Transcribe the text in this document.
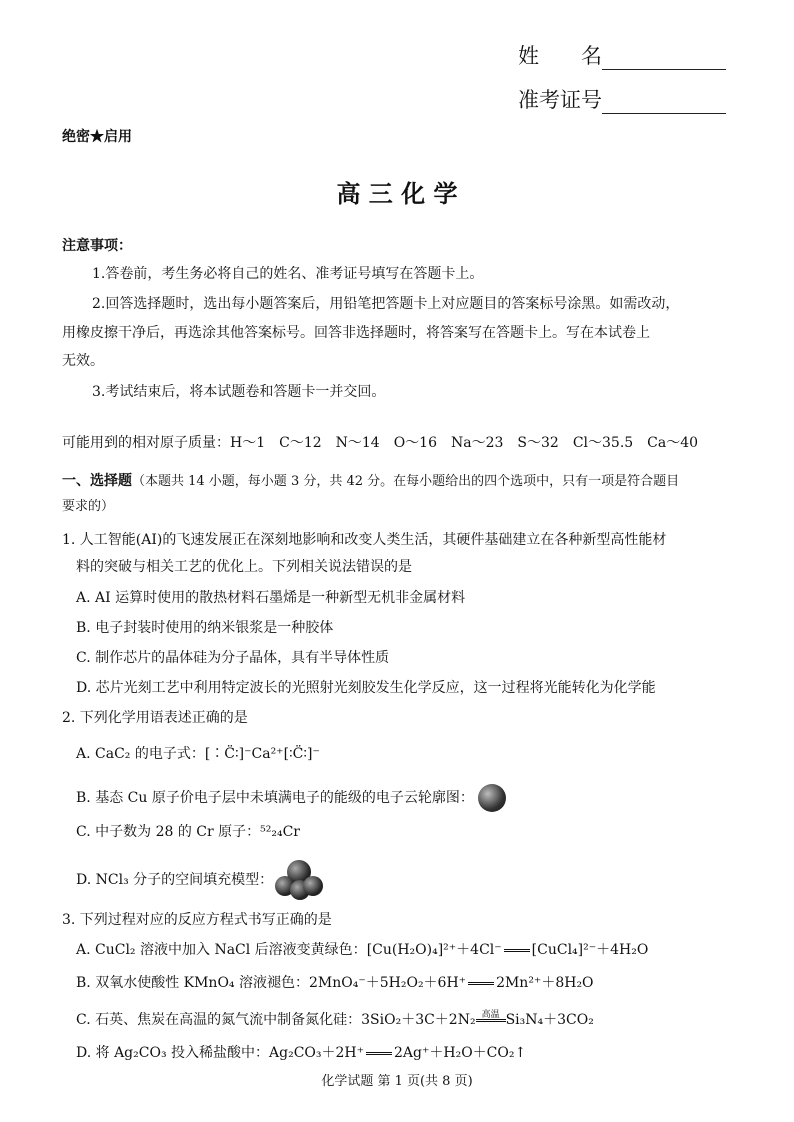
姓　　名
准考证号
绝密★启用
高 三 化 学
注意事项：
1.答卷前，考生务必将自己的姓名、准考证号填写在答题卡上。
2.回答选择题时，选出每小题答案后，用铅笔把答题卡上对应题目的答案标号涂黑。如需改动，
用橡皮擦干净后，再选涂其他答案标号。回答非选择题时，将答案写在答题卡上。写在本试卷上
无效。
3.考试结束后，将本试题卷和答题卡一并交回。
可能用到的相对原子质量：H～1　C～12　N～14　O～16　Na～23　S～32　Cl～35.5　Ca～40
一、选择题（本题共 14 小题，每小题 3 分，共 42 分。在每小题给出的四个选项中，只有一项是符合题目
要求的）
1. 人工智能(AI)的飞速发展正在深刻地影响和改变人类生活，其硬件基础建立在各种新型高性能材
料的突破与相关工艺的优化上。下列相关说法错误的是
A. AI 运算时使用的散热材料石墨烯是一种新型无机非金属材料
B. 电子封装时使用的纳米银浆是一种胶体
C. 制作芯片的晶体硅为分子晶体，具有半导体性质
D. 芯片光刻工艺中利用特定波长的光照射光刻胶发生化学反应，这一过程将光能转化为化学能
2. 下列化学用语表述正确的是
A. CaC₂ 的电子式：[∶C̈∶]⁻Ca²⁺[∶C̈∶]⁻
B. 基态 Cu 原子价电子层中未填满电子的能级的电子云轮廓图：
C. 中子数为 28 的 Cr 原子：⁵²₂₄Cr
D. NCl₃ 分子的空间填充模型：
3. 下列过程对应的反应方程式书写正确的是
A. CuCl₂ 溶液中加入 NaCl 后溶液变黄绿色：[Cu(H₂O)₄]²⁺＋4Cl⁻ [CuCl₄]²⁻＋4H₂O
B. 双氧水使酸性 KMnO₄ 溶液褪色：2MnO₄⁻＋5H₂O₂＋6H⁺ 2Mn²⁺＋8H₂O
C. 石英、焦炭在高温的氮气流中制备氮化硅：3SiO₂＋3C＋2N₂ 高温 Si₃N₄＋3CO₂
D. 将 Ag₂CO₃ 投入稀盐酸中：Ag₂CO₃＋2H⁺ 2Ag⁺＋H₂O＋CO₂↑
化学试题 第 1 页(共 8 页)
